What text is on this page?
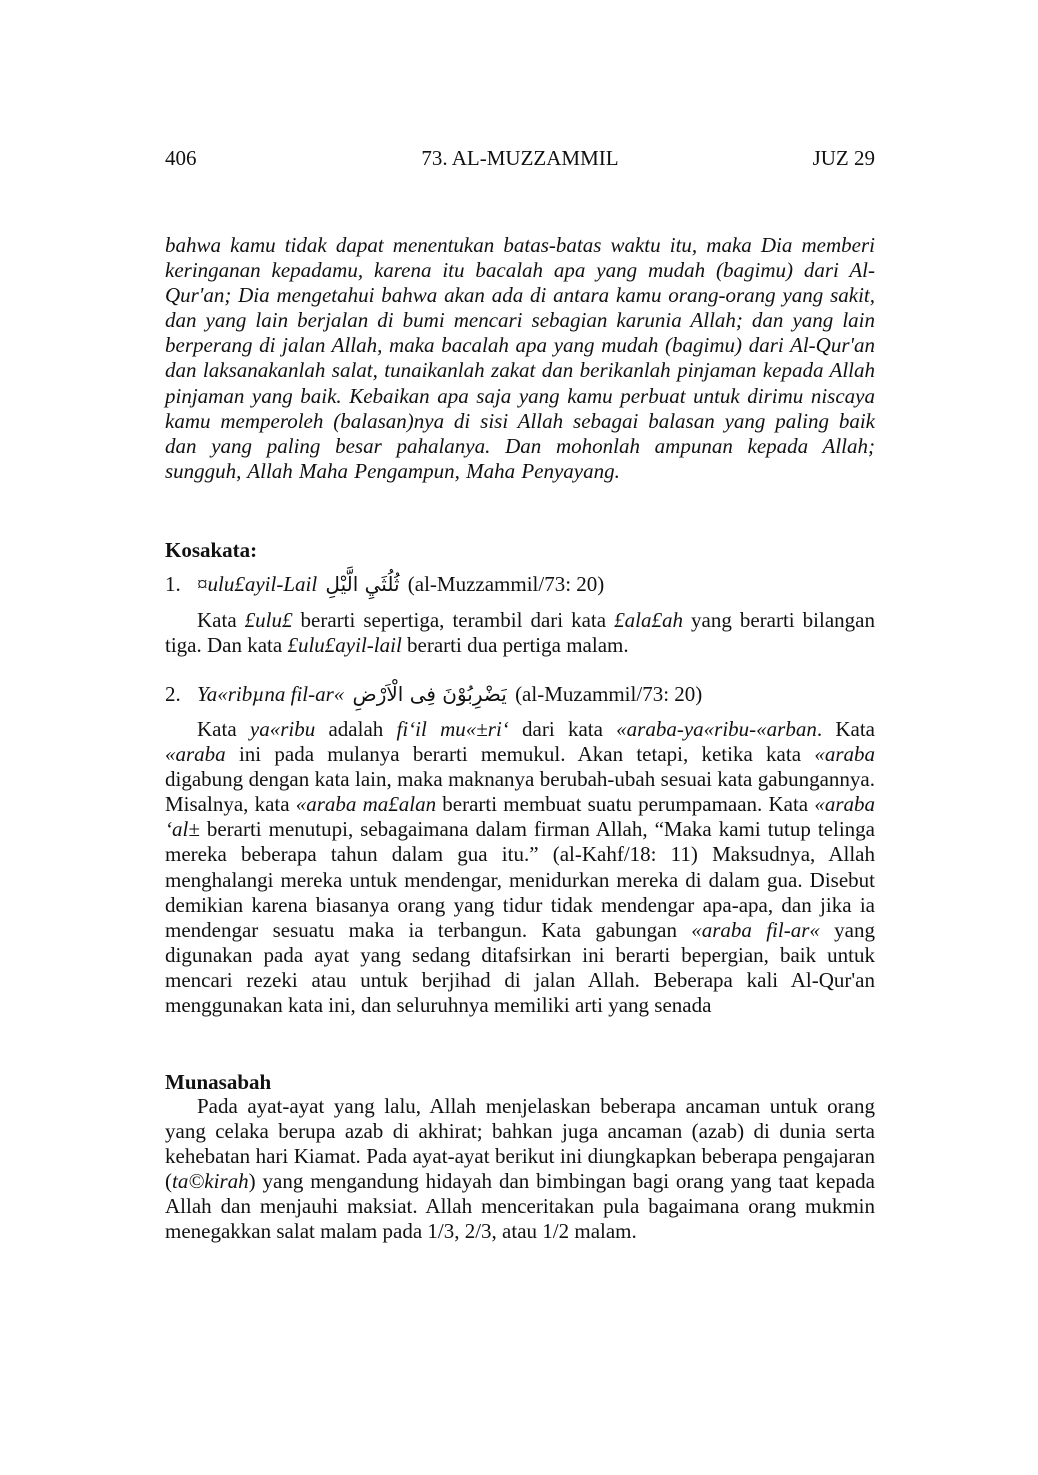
406	73. AL-MUZZAMMIL	JUZ 29

bahwa kamu tidak dapat menentukan batas-batas waktu itu, maka Dia memberi keringanan kepadamu, karena itu bacalah apa yang mudah (bagimu) dari Al-Qur'an; Dia mengetahui bahwa akan ada di antara kamu orang-orang yang sakit, dan yang lain berjalan di bumi mencari sebagian karunia Allah; dan yang lain berperang di jalan Allah, maka bacalah apa yang mudah (bagimu) dari Al-Qur'an dan laksanakanlah salat, tunaikanlah zakat dan berikanlah pinjaman kepada Allah pinjaman yang baik. Kebaikan apa saja yang kamu perbuat untuk dirimu niscaya kamu memperoleh (balasan)nya di sisi Allah sebagai balasan yang paling baik dan yang paling besar pahalanya. Dan mohonlah ampunan kepada Allah; sungguh, Allah Maha Pengampun, Maha Penyayang.

Kosakata:
1. ¤ulu£ayil-Lail ثُلُثَيِ الَّيْلِ (al-Muzzammil/73: 20)

Kata £ulu£ berarti sepertiga, terambil dari kata £ala£ah yang berarti bilangan tiga. Dan kata £ulu£ayil-lail berarti dua pertiga malam.

2. Ya«ribµna fil-ar« يَضْرِبُوْنَ فِى الْاَرْضِ (al-Muzammil/73: 20)

Kata ya«ribu adalah fi‘il mu«±ri‘ dari kata «araba-ya«ribu-«arban. Kata «araba ini pada mulanya berarti memukul. Akan tetapi, ketika kata «araba digabung dengan kata lain, maka maknanya berubah-ubah sesuai kata gabungannya. Misalnya, kata «araba ma£alan berarti membuat suatu perumpamaan. Kata «araba ‘al± berarti menutupi, sebagaimana dalam firman Allah, “Maka kami tutup telinga mereka beberapa tahun dalam gua itu.” (al-Kahf/18: 11) Maksudnya, Allah menghalangi mereka untuk mendengar, menidurkan mereka di dalam gua. Disebut demikian karena biasanya orang yang tidur tidak mendengar apa-apa, dan jika ia mendengar sesuatu maka ia terbangun. Kata gabungan «araba fil-ar« yang digunakan pada ayat yang sedang ditafsirkan ini berarti bepergian, baik untuk mencari rezeki atau untuk berjihad di jalan Allah. Beberapa kali Al-Qur'an menggunakan kata ini, dan seluruhnya memiliki arti yang senada

Munasabah

Pada ayat-ayat yang lalu, Allah menjelaskan beberapa ancaman untuk orang yang celaka berupa azab di akhirat; bahkan juga ancaman (azab) di dunia serta kehebatan hari Kiamat. Pada ayat-ayat berikut ini diungkapkan beberapa pengajaran (ta©kirah) yang mengandung hidayah dan bimbingan bagi orang yang taat kepada Allah dan menjauhi maksiat. Allah menceritakan pula bagaimana orang mukmin menegakkan salat malam pada 1/3, 2/3, atau 1/2 malam.
